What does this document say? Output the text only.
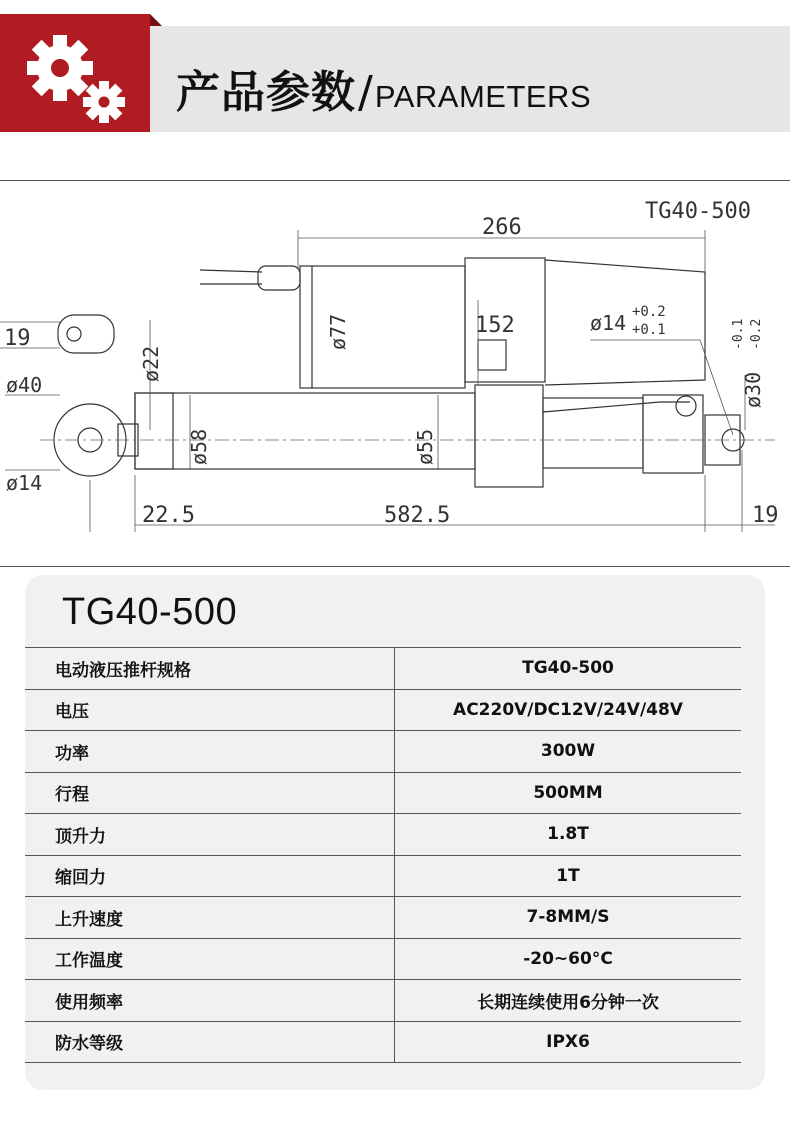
产品参数 / PARAMETERS
TG40-500
266
ø77	152	ø14 +0.2
+0.1
19
ø22
ø40
ø14
ø58	ø55
ø30
-0.1 -0.2
22.5	582.5	19
TG40-500
电动液压推杆规格	TG40-500
电压	AC220V/DC12V/24V/48V
功率	300W
行程	500MM
顶升力	1.8T
缩回力	1T
上升速度	7-8MM/S
工作温度	-20~60°C
使用频率	长期连续使用6分钟一次
防水等级	IPX6
